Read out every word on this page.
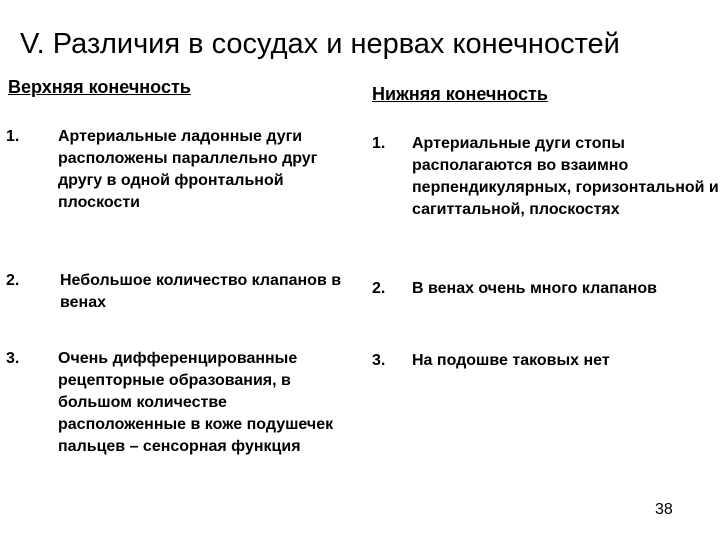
V. Различия в сосудах и нервах конечностей
Верхняя конечность
1.	Артериальные ладонные дуги расположены параллельно друг другу в одной фронтальной плоскости
2.	Небольшое количество клапанов в венах
3.	Очень дифференцированные рецепторные образования, в большом количестве расположенные в коже подушечек пальцев – сенсорная функция
Нижняя конечность
1.	Артериальные дуги стопы располагаются во взаимно перпендикулярных, горизонтальной и сагиттальной, плоскостях
2.	В венах очень много клапанов
3.	На подошве таковых нет
38
